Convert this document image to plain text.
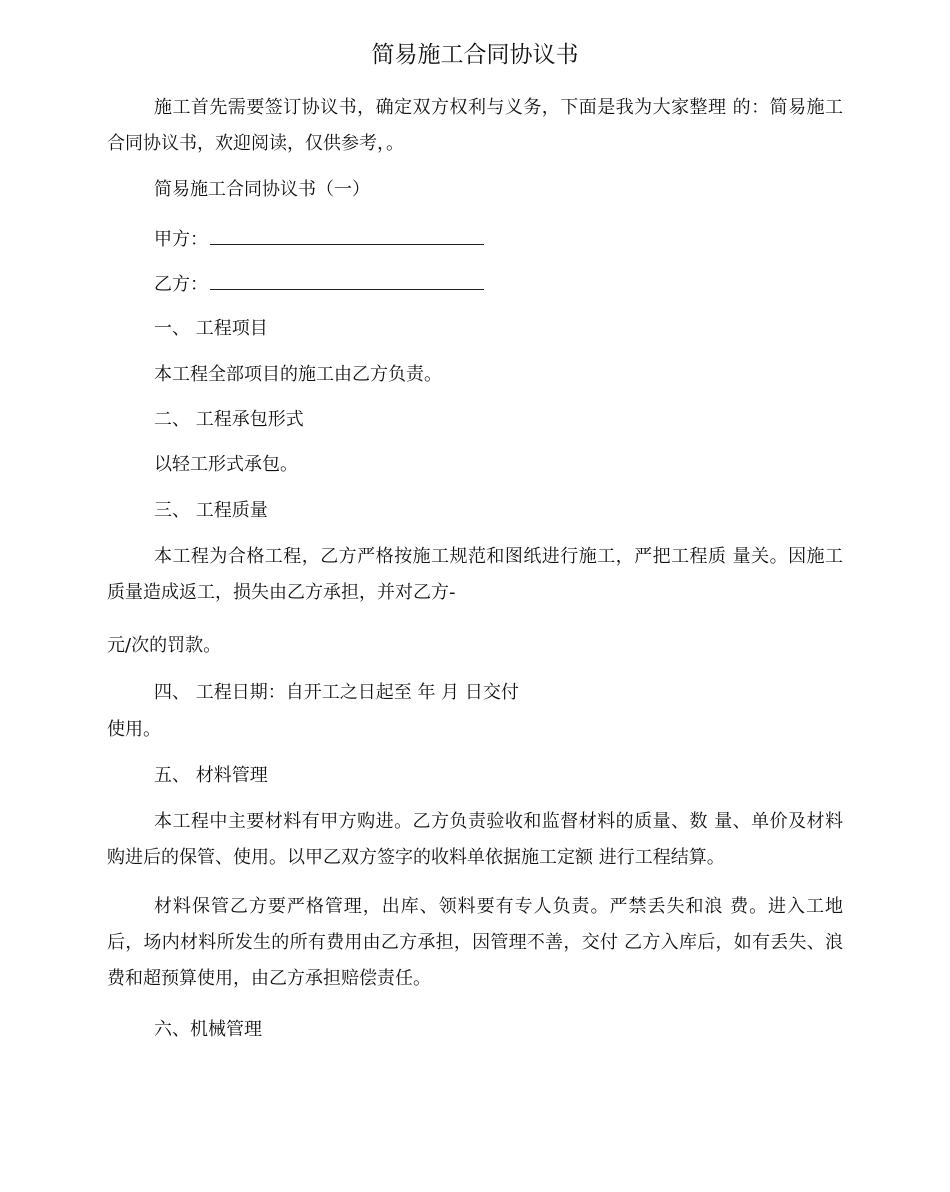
简易施工合同协议书

施工首先需要签订协议书，确定双方权利与义务，下面是我为大家整理 的：简易施工合同协议书，欢迎阅读，仅供参考，。

简易施工合同协议书（一）
甲方：
乙方：
一、 工程项目
本工程全部项目的施工由乙方负责。
二、 工程承包形式
以轻工形式承包。
三、 工程质量

本工程为合格工程，乙方严格按施工规范和图纸进行施工，严把工程质 量关。因施工质量造成返工，损失由乙方承担，并对乙方-

元/次的罚款。
四、 工程日期：自开工之日起至 年 月 日交付
使用。
五、 材料管理

本工程中主要材料有甲方购进。乙方负责验收和监督材料的质量、数 量、单价及材料购进后的保管、使用。以甲乙双方签字的收料单依据施工定额 进行工程结算。

材料保管乙方要严格管理，出库、领料要有专人负责。严禁丢失和浪 费。进入工地后，场内材料所发生的所有费用由乙方承担，因管理不善，交付 乙方入库后，如有丢失、浪费和超预算使用，由乙方承担赔偿责任。

六、机械管理
